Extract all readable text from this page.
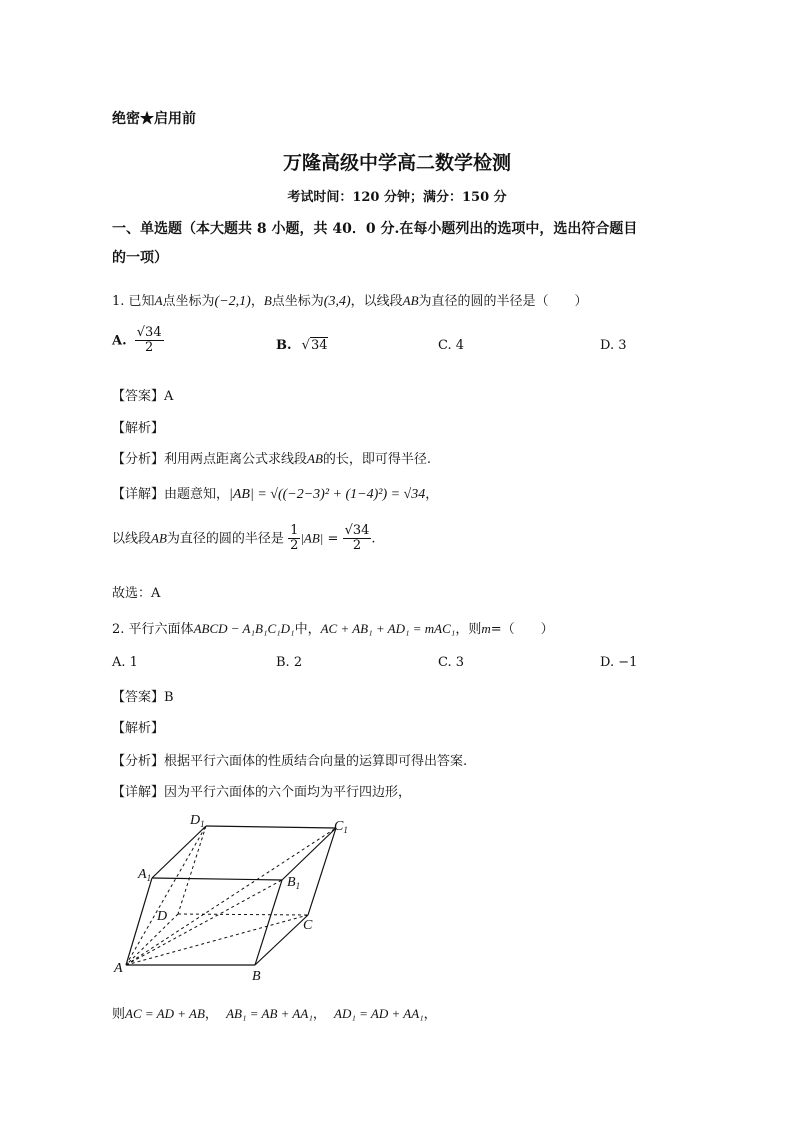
绝密★启用前
万隆高级中学高二数学检测
考试时间：120 分钟；满分：150 分
一、单选题（本大题共 8 小题，共 40．0 分.在每小题列出的选项中，选出符合题目
的一项）
1. 已知A点坐标为(−2,1)，B点坐标为(3,4)，以线段AB为直径的圆的半径是（　　）
A. $\frac{√34}{2}$	B. √34	C. 4	D. 3
【答案】A
【解析】
【分析】利用两点距离公式求线段AB的长，即可得半径.
【详解】由题意知，|AB| = √((−2−3)² + (1−4)²) = √34，
以线段AB为直径的圆的半径是 $\frac{1}{2} |AB| = \frac{√34}{2}$ .
故选：A
2. 平行六面体ABCD − A₁B₁C₁D₁中，AC + AB₁ + AD₁ = mAC₁，则m=（　　）
A. 1	B. 2	C. 3	D. −1
【答案】B
【解析】
【分析】根据平行六面体的性质结合向量的运算即可得出答案.
【详解】因为平行六面体的六个面均为平行四边形，
$D_1$	$C_1$
$A_1$	$B_1$
D
C
A
B
则AC = AD + AB， AB₁ = AB + AA₁， AD₁ = AD + AA₁，
